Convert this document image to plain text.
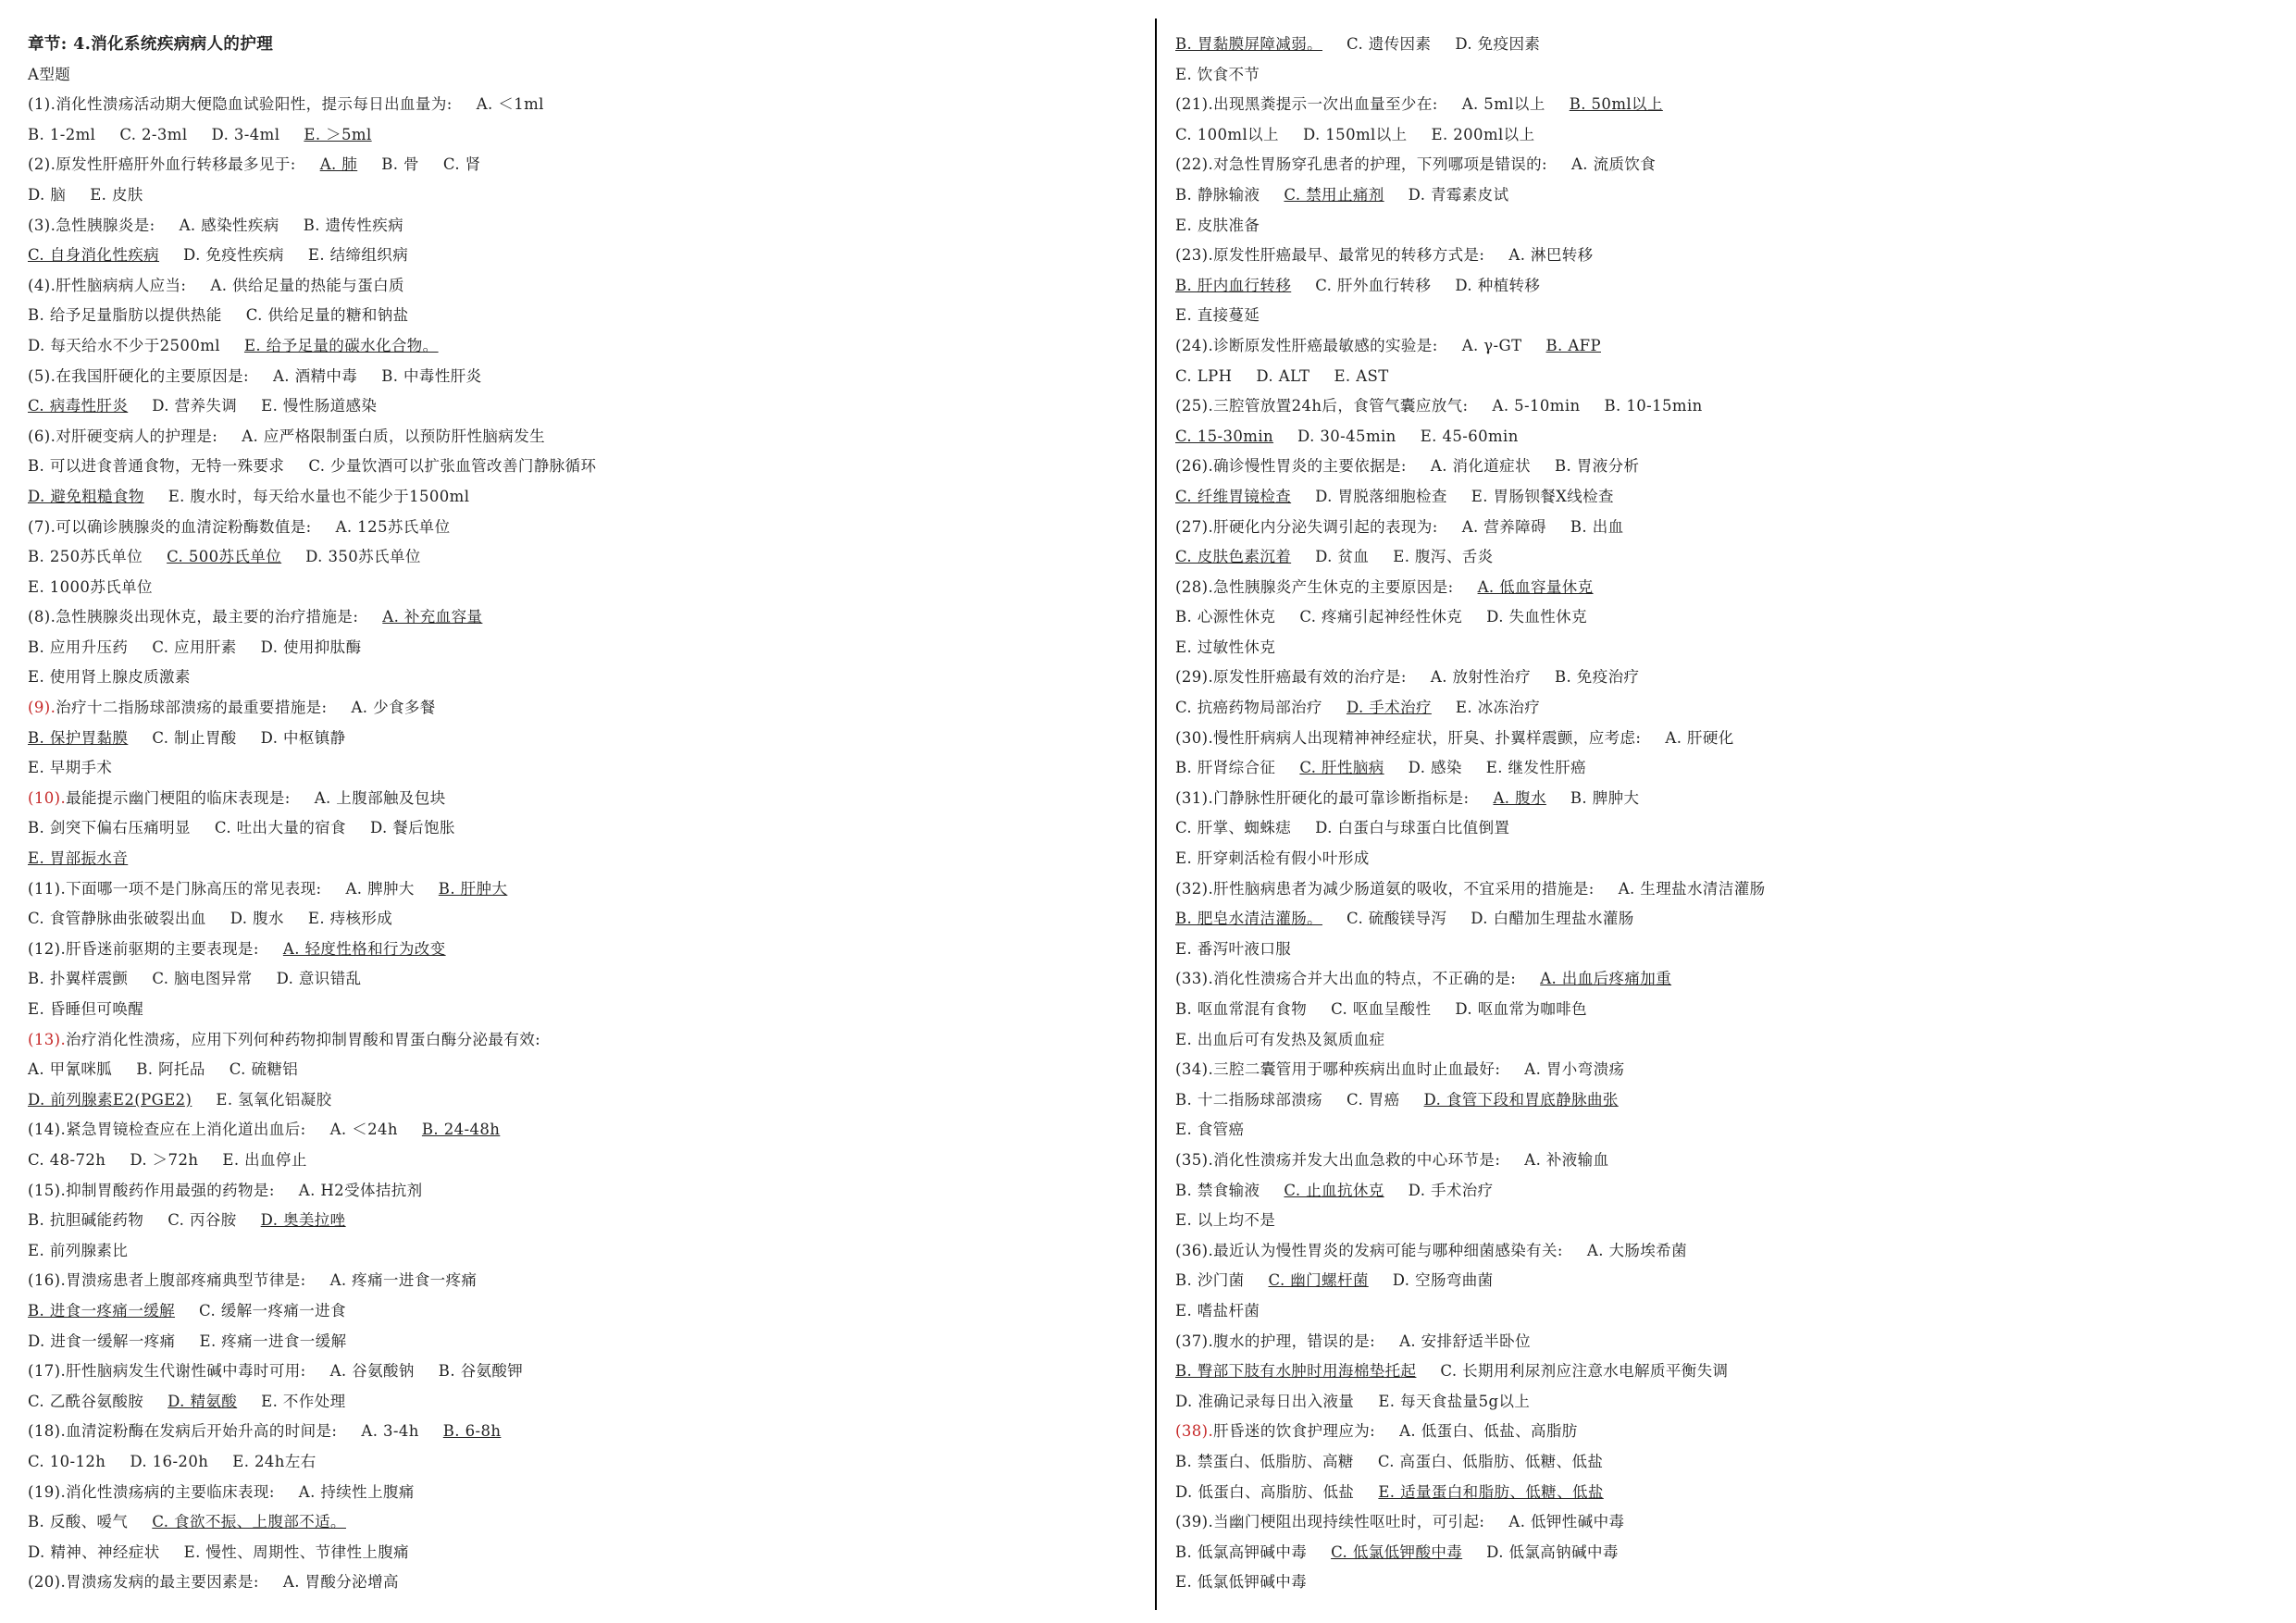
章节: 4.消化系统疾病病人的护理
A型题
(1).消化性溃疡活动期大便隐血试验阳性，提示每日出血量为: A. ＜1ml
B. 1-2ml C. 2-3ml D. 3-4ml E. ＞5ml
(2).原发性肝癌肝外血行转移最多见于: A. 肺 B. 骨 C. 肾
D. 脑 E. 皮肤
(3).急性胰腺炎是: A. 感染性疾病 B. 遗传性疾病
C. 自身消化性疾病 D. 免疫性疾病 E. 结缔组织病
(4).肝性脑病病人应当: A. 供给足量的热能与蛋白质
B. 给予足量脂肪以提供热能 C. 供给足量的糖和钠盐
D. 每天给水不少于2500ml E. 给予足量的碳水化合物。
(5).在我国肝硬化的主要原因是: A. 酒精中毒 B. 中毒性肝炎
C. 病毒性肝炎 D. 营养失调 E. 慢性肠道感染
(6).对肝硬变病人的护理是: A. 应严格限制蛋白质，以预防肝性脑病发生
B. 可以进食普通食物，无特一殊要求 C. 少量饮酒可以扩张血管改善门静脉循环
D. 避免粗糙食物 E. 腹水时，每天给水量也不能少于1500ml
(7).可以确诊胰腺炎的血清淀粉酶数值是: A. 125苏氏单位
B. 250苏氏单位 C. 500苏氏单位 D. 350苏氏单位
E. 1000苏氏单位
(8).急性胰腺炎出现休克，最主要的治疗措施是: A. 补充血容量
B. 应用升压药 C. 应用肝素 D. 使用抑肽酶
E. 使用肾上腺皮质激素
(9).治疗十二指肠球部溃疡的最重要措施是: A. 少食多餐
B. 保护胃黏膜 C. 制止胃酸 D. 中枢镇静
E. 早期手术
(10).最能提示幽门梗阻的临床表现是: A. 上腹部触及包块
B. 剑突下偏右压痛明显 C. 吐出大量的宿食 D. 餐后饱胀
E. 胃部振水音
(11).下面哪一项不是门脉高压的常见表现: A. 脾肿大 B. 肝肿大
C. 食管静脉曲张破裂出血 D. 腹水 E. 痔核形成
(12).肝昏迷前驱期的主要表现是: A. 轻度性格和行为改变
B. 扑翼样震颤 C. 脑电图异常 D. 意识错乱
E. 昏睡但可唤醒
(13).治疗消化性溃疡，应用下列何种药物抑制胃酸和胃蛋白酶分泌最有效:
A. 甲氰咪胍 B. 阿托品 C. 硫糖铝
D. 前列腺素E2(PGE2) E. 氢氧化铝凝胶
(14).紧急胃镜检查应在上消化道出血后: A. ＜24h B. 24-48h
C. 48-72h D. ＞72h E. 出血停止
(15).抑制胃酸药作用最强的药物是: A. H2受体拮抗剂
B. 抗胆碱能药物 C. 丙谷胺 D. 奥美拉唑
E. 前列腺素比
(16).胃溃疡患者上腹部疼痛典型节律是: A. 疼痛一进食一疼痛
B. 进食一疼痛一缓解 C. 缓解一疼痛一进食
D. 进食一缓解一疼痛 E. 疼痛一进食一缓解
(17).肝性脑病发生代谢性碱中毒时可用: A. 谷氨酸钠 B. 谷氨酸钾
C. 乙酰谷氨酸胺 D. 精氨酸 E. 不作处理
(18).血清淀粉酶在发病后开始升高的时间是: A. 3-4h B. 6-8h
C. 10-12h D. 16-20h E. 24h左右
(19).消化性溃疡病的主要临床表现: A. 持续性上腹痛
B. 反酸、嗳气 C. 食欲不振、上腹部不适。
D. 精神、神经症状 E. 慢性、周期性、节律性上腹痛
(20).胃溃疡发病的最主要因素是: A. 胃酸分泌增高
B. 胃黏膜屏障减弱。 C. 遗传因素 D. 免疫因素
E. 饮食不节
(21).出现黑粪提示一次出血量至少在: A. 5ml以上 B. 50ml以上
C. 100ml以上 D. 150ml以上 E. 200ml以上
(22).对急性胃肠穿孔患者的护理，下列哪项是错误的: A. 流质饮食
B. 静脉输液 C. 禁用止痛剂 D. 青霉素皮试
E. 皮肤准备
(23).原发性肝癌最早、最常见的转移方式是: A. 淋巴转移
B. 肝内血行转移 C. 肝外血行转移 D. 种植转移
E. 直接蔓延
(24).诊断原发性肝癌最敏感的实验是: A. γ-GT B. AFP
C. LPH D. ALT E. AST
(25).三腔管放置24h后，食管气囊应放气: A. 5-10min B. 10-15min
C. 15-30min D. 30-45min E. 45-60min
(26).确诊慢性胃炎的主要依据是: A. 消化道症状 B. 胃液分析
C. 纤维胃镜检查 D. 胃脱落细胞检查 E. 胃肠钡餐X线检查
(27).肝硬化内分泌失调引起的表现为: A. 营养障碍 B. 出血
C. 皮肤色素沉着 D. 贫血 E. 腹泻、舌炎
(28).急性胰腺炎产生休克的主要原因是: A. 低血容量休克
B. 心源性休克 C. 疼痛引起神经性休克 D. 失血性休克
E. 过敏性休克
(29).原发性肝癌最有效的治疗是: A. 放射性治疗 B. 免疫治疗
C. 抗癌药物局部治疗 D. 手术治疗 E. 冰冻治疗
(30).慢性肝病病人出现精神神经症状，肝臭、扑翼样震颤，应考虑: A. 肝硬化
B. 肝肾综合征 C. 肝性脑病 D. 感染 E. 继发性肝癌
(31).门静脉性肝硬化的最可靠诊断指标是: A. 腹水 B. 脾肿大
C. 肝掌、蜘蛛痣 D. 白蛋白与球蛋白比值倒置
E. 肝穿刺活检有假小叶形成
(32).肝性脑病患者为减少肠道氨的吸收，不宜采用的措施是: A. 生理盐水清洁灌肠
B. 肥皂水清洁灌肠。 C. 硫酸镁导泻 D. 白醋加生理盐水灌肠
E. 番泻叶液口服
(33).消化性溃疡合并大出血的特点，不正确的是: A. 出血后疼痛加重
B. 呕血常混有食物 C. 呕血呈酸性 D. 呕血常为咖啡色
E. 出血后可有发热及氮质血症
(34).三腔二囊管用于哪种疾病出血时止血最好: A. 胃小弯溃疡
B. 十二指肠球部溃疡 C. 胃癌 D. 食管下段和胃底静脉曲张
E. 食管癌
(35).消化性溃疡并发大出血急救的中心环节是: A. 补液输血
B. 禁食输液 C. 止血抗休克 D. 手术治疗
E. 以上均不是
(36).最近认为慢性胃炎的发病可能与哪种细菌感染有关: A. 大肠埃希菌
B. 沙门菌 C. 幽门螺杆菌 D. 空肠弯曲菌
E. 嗜盐杆菌
(37).腹水的护理，错误的是: A. 安排舒适半卧位
B. 臀部下肢有水肿时用海棉垫托起 C. 长期用利尿剂应注意水电解质平衡失调
D. 准确记录每日出入液量 E. 每天食盐量5g以上
(38).肝昏迷的饮食护理应为: A. 低蛋白、低盐、高脂肪
B. 禁蛋白、低脂肪、高糖 C. 高蛋白、低脂肪、低糖、低盐
D. 低蛋白、高脂肪、低盐 E. 适量蛋白和脂肪、低糖、低盐
(39).当幽门梗阻出现持续性呕吐时，可引起: A. 低钾性碱中毒
B. 低氯高钾碱中毒 C. 低氯低钾酸中毒 D. 低氯高钠碱中毒
E. 低氯低钾碱中毒
